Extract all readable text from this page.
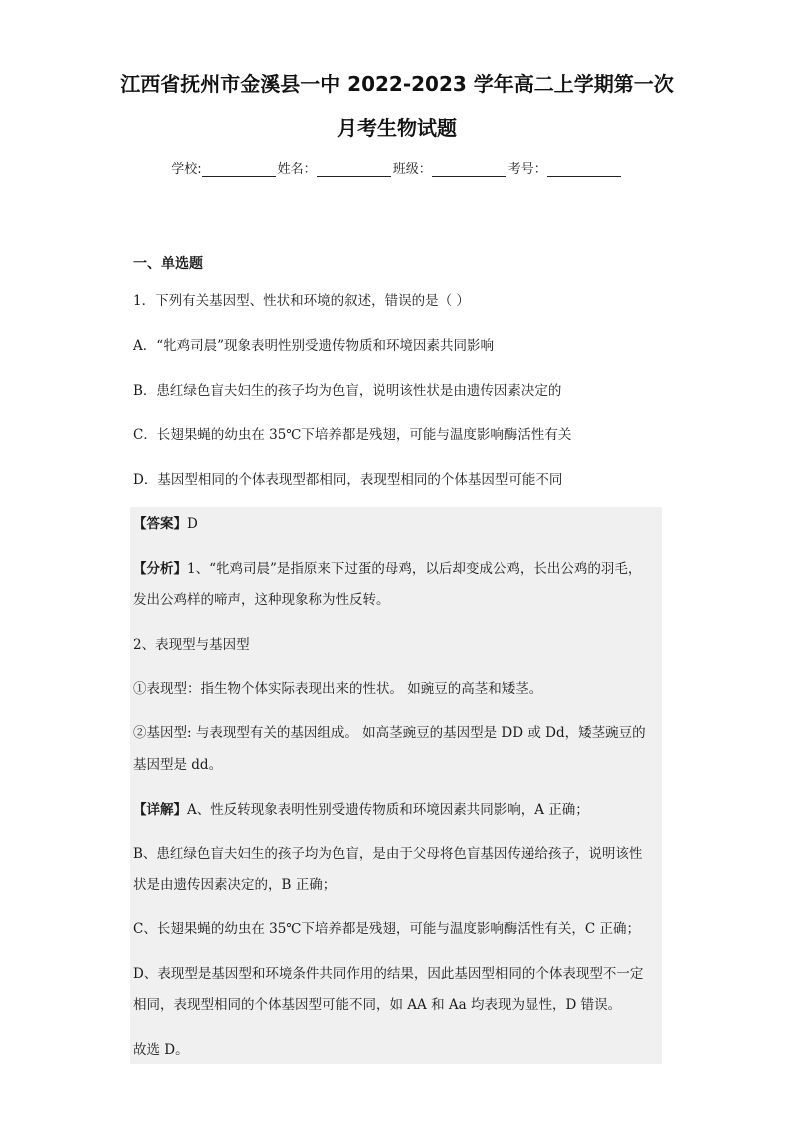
江西省抚州市金溪县一中 2022-2023 学年高二上学期第一次
月考生物试题
学校:	姓名：	班级：	考号：
一、单选题
1．下列有关基因型、性状和环境的叙述，错误的是（ ）
A．“牝鸡司晨”现象表明性别受遗传物质和环境因素共同影响
B．患红绿色盲夫妇生的孩子均为色盲，说明该性状是由遗传因素决定的
C．长翅果蝇的幼虫在 35℃下培养都是残翅，可能与温度影响酶活性有关
D．基因型相同的个体表现型都相同，表现型相同的个体基因型可能不同
【答案】D
【分析】1、“牝鸡司晨”是指原来下过蛋的母鸡，以后却变成公鸡，长出公鸡的羽毛，
发出公鸡样的啼声，这种现象称为性反转。
2、表现型与基因型
①表现型：指生物个体实际表现出来的性状。 如豌豆的高茎和矮茎。
②基因型: 与表现型有关的基因组成。 如高茎豌豆的基因型是 DD 或 Dd，矮茎豌豆的
基因型是 dd。
【详解】A、性反转现象表明性别受遗传物质和环境因素共同影响，A 正确；
B、患红绿色盲夫妇生的孩子均为色盲，是由于父母将色盲基因传递给孩子，说明该性
状是由遗传因素决定的，B 正确；
C、长翅果蝇的幼虫在 35℃下培养都是残翅，可能与温度影响酶活性有关，C 正确；
D、表现型是基因型和环境条件共同作用的结果，因此基因型相同的个体表现型不一定
相同，表现型相同的个体基因型可能不同，如 AA 和 Aa 均表现为显性，D 错误。
故选 D。
